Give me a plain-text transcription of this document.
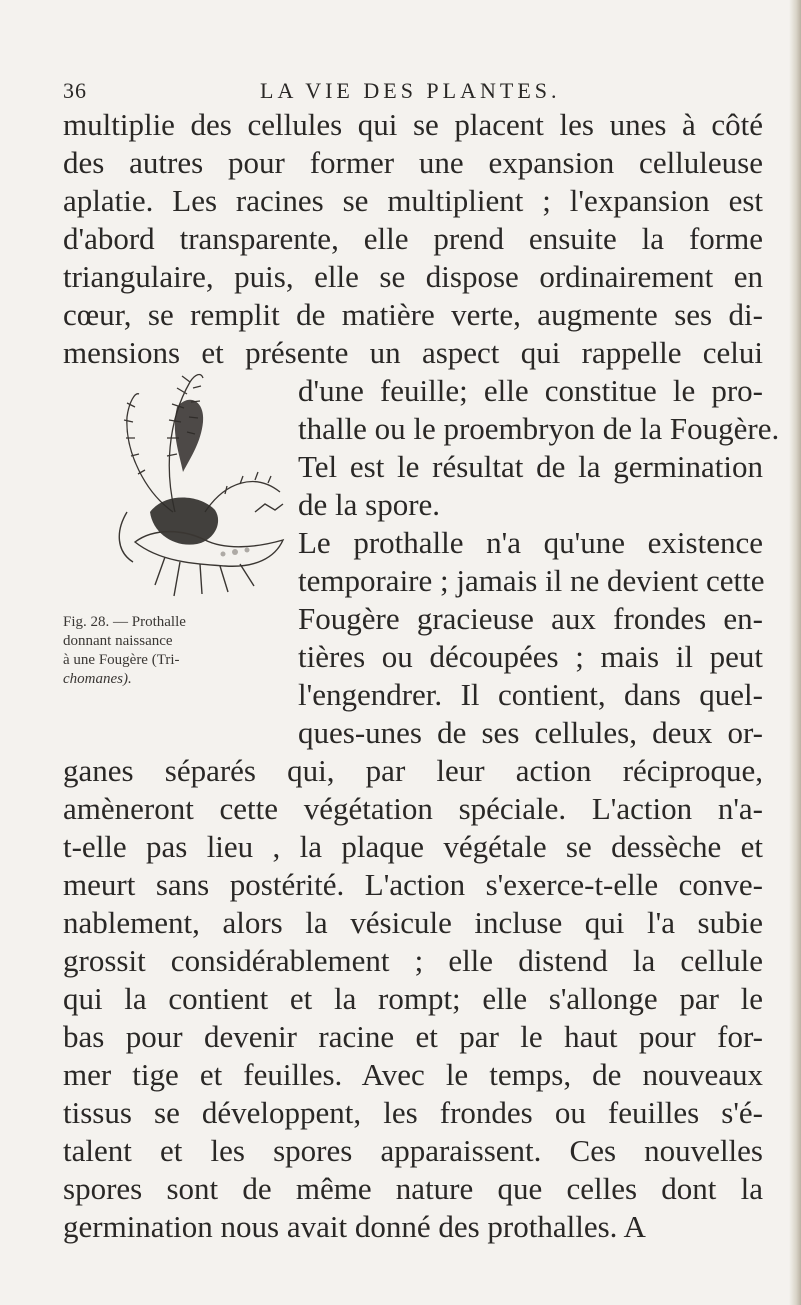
36	LA VIE DES PLANTES.
multiplie des cellules qui se placent les unes à côté
des autres pour former une expansion celluleuse
aplatie. Les racines se multiplient ; l'expansion est
d'abord transparente, elle prend ensuite la forme
triangulaire, puis, elle se dispose ordinairement en
cœur, se remplit de matière verte, augmente ses di-
mensions et présente un aspect qui rappelle celui
d'une feuille; elle constitue le pro-
thalle ou le proembryon de la Fougère.
Tel est le résultat de la germination
de la spore.
Le prothalle n'a qu'une existence
temporaire ; jamais il ne devient cette
Fougère gracieuse aux frondes en-
tières ou découpées ; mais il peut
l'engendrer. Il contient, dans quel-
ques-unes de ses cellules, deux or-
ganes séparés qui, par leur action réciproque,
amèneront cette végétation spéciale. L'action n'a-
t-elle pas lieu , la plaque végétale se dessèche et
meurt sans postérité. L'action s'exerce-t-elle conve-
nablement, alors la vésicule incluse qui l'a subie
grossit considérablement ; elle distend la cellule
qui la contient et la rompt; elle s'allonge par le
bas pour devenir racine et par le haut pour for-
mer tige et feuilles. Avec le temps, de nouveaux
tissus se développent, les frondes ou feuilles s'é-
talent et les spores apparaissent. Ces nouvelles
spores sont de même nature que celles dont la
germination nous avait donné des prothalles. A
Fig. 28. — Prothalle
donnant naissance
à une Fougère (Tri-
chomanes).
